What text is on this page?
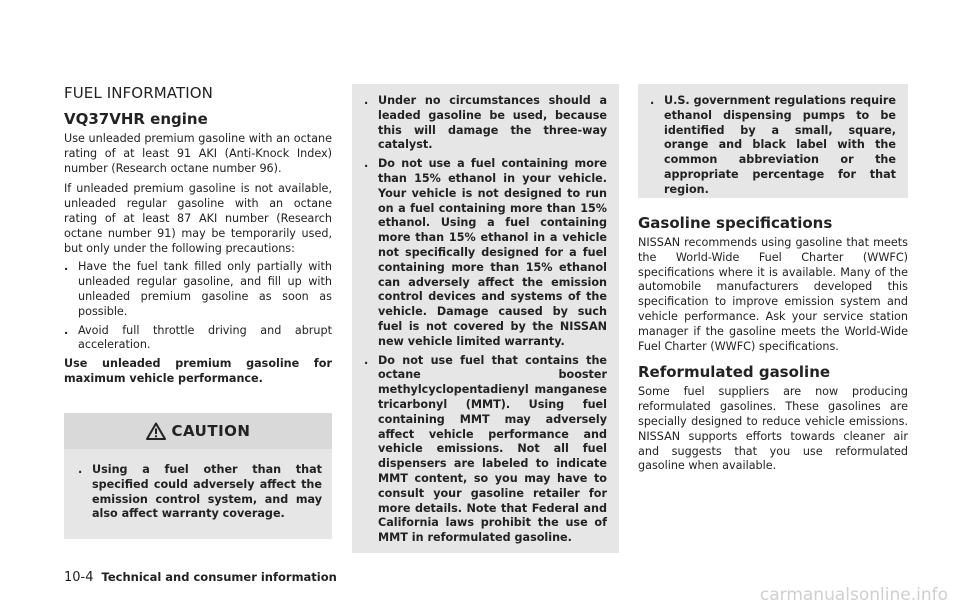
FUEL INFORMATION
VQ37VHR engine

Use unleaded premium gasoline with an octane rating of at least 91 AKI (Anti-Knock Index) number (Research octane number 96).

If unleaded premium gasoline is not available, unleaded regular gasoline with an octane rating of at least 87 AKI number (Research octane number 91) may be temporarily used, but only under the following precautions:

. Have the fuel tank filled only partially with unleaded regular gasoline, and fill up with unleaded premium gasoline as soon as possible.
. Avoid full throttle driving and abrupt acceleration.

Use unleaded premium gasoline for maximum vehicle performance.

CAUTION
. Using a fuel other than that specified could adversely affect the emission control system, and may also affect warranty coverage.
. Under no circumstances should a leaded gasoline be used, because this will damage the three-way catalyst.
. Do not use a fuel containing more than 15% ethanol in your vehicle. Your vehicle is not designed to run on a fuel containing more than 15% ethanol. Using a fuel containing more than 15% ethanol in a vehicle not specifically designed for a fuel containing more than 15% ethanol can adversely affect the emission control devices and systems of the vehicle. Damage caused by such fuel is not covered by the NISSAN new vehicle limited warranty.
. Do not use fuel that contains the octane booster methylcyclopentadienyl manganese tricarbonyl (MMT). Using fuel containing MMT may adversely affect vehicle performance and vehicle emissions. Not all fuel dispensers are labeled to indicate MMT content, so you may have to consult your gasoline retailer for more details. Note that Federal and California laws prohibit the use of MMT in reformulated gasoline.
. U.S. government regulations require ethanol dispensing pumps to be identified by a small, square, orange and black label with the common abbreviation or the appropriate percentage for that region.
Gasoline specifications

NISSAN recommends using gasoline that meets the World-Wide Fuel Charter (WWFC) specifications where it is available. Many of the automobile manufacturers developed this specification to improve emission system and vehicle performance. Ask your service station manager if the gasoline meets the World-Wide Fuel Charter (WWFC) specifications.

Reformulated gasoline

Some fuel suppliers are now producing reformulated gasolines. These gasolines are specially designed to reduce vehicle emissions. NISSAN supports efforts towards cleaner air and suggests that you use reformulated gasoline when available.

10-4 Technical and consumer information
carmanualsonline.info
